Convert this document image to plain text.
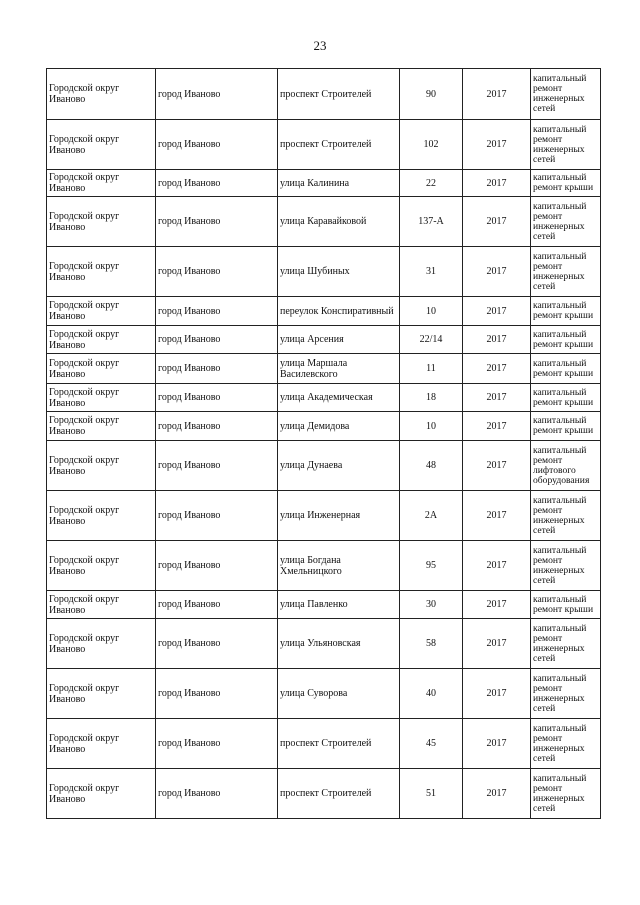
23
Городской округ Иваново	город Иваново	проспект Строителей	90	2017	капитальный ремонт инженерных сетей
Городской округ Иваново	город Иваново	проспект Строителей	102	2017	капитальный ремонт инженерных сетей
Городской округ Иваново	город Иваново	улица Калинина	22	2017	капитальный ремонт крыши
Городской округ Иваново	город Иваново	улица Каравайковой	137-А	2017	капитальный ремонт инженерных сетей
Городской округ Иваново	город Иваново	улица Шубиных	31	2017	капитальный ремонт инженерных сетей
Городской округ Иваново	город Иваново	переулок Конспиративный	10	2017	капитальный ремонт крыши
Городской округ Иваново	город Иваново	улица Арсения	22/14	2017	капитальный ремонт крыши
Городской округ Иваново	город Иваново	улица Маршала Василевского	11	2017	капитальный ремонт крыши
Городской округ Иваново	город Иваново	улица Академическая	18	2017	капитальный ремонт крыши
Городской округ Иваново	город Иваново	улица Демидова	10	2017	капитальный ремонт крыши
Городской округ Иваново	город Иваново	улица Дунаева	48	2017	капитальный ремонт лифтового оборудования
Городской округ Иваново	город Иваново	улица Инженерная	2А	2017	капитальный ремонт инженерных сетей
Городской округ Иваново	город Иваново	улица Богдана Хмельницкого	95	2017	капитальный ремонт инженерных сетей
Городской округ Иваново	город Иваново	улица Павленко	30	2017	капитальный ремонт крыши
Городской округ Иваново	город Иваново	улица Ульяновская	58	2017	капитальный ремонт инженерных сетей
Городской округ Иваново	город Иваново	улица Суворова	40	2017	капитальный ремонт инженерных сетей
Городской округ Иваново	город Иваново	проспект Строителей	45	2017	капитальный ремонт инженерных сетей
Городской округ Иваново	город Иваново	проспект Строителей	51	2017	капитальный ремонт инженерных сетей
